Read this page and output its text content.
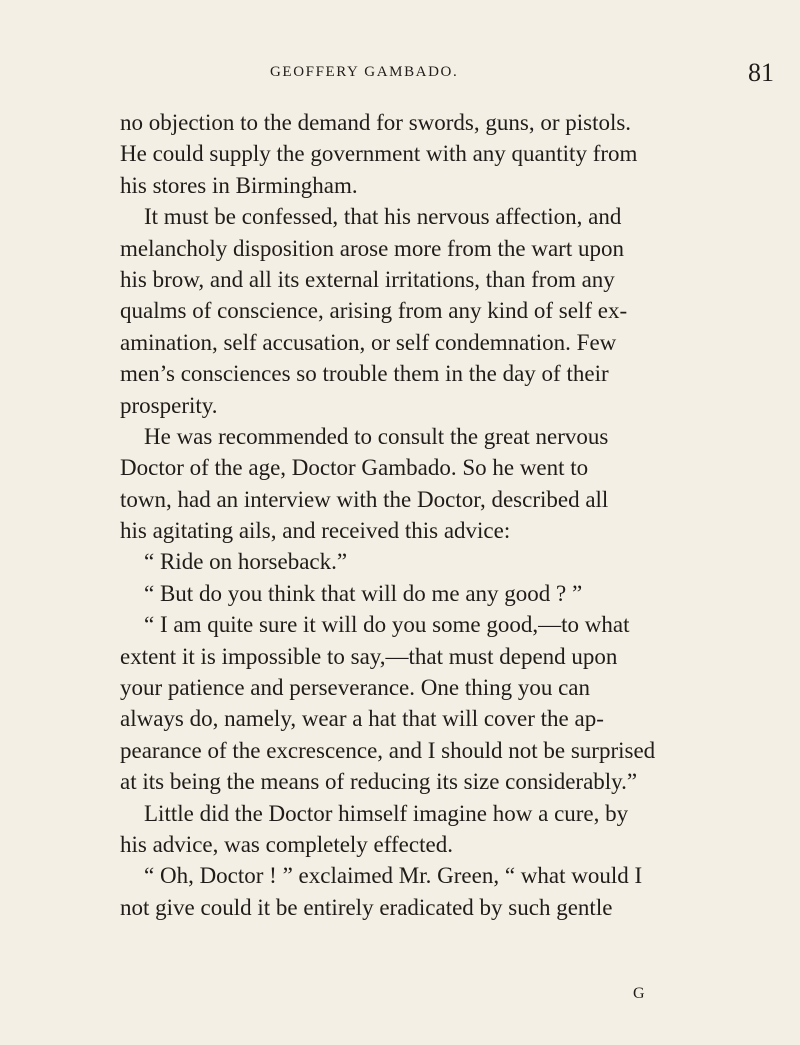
GEOFFERY GAMBADO.	81
no objection to the demand for swords, guns, or pistols.
He could supply the government with any quantity from
his stores in Birmingham.
It must be confessed, that his nervous affection, and
melancholy disposition arose more from the wart upon
his brow, and all its external irritations, than from any
qualms of conscience, arising from any kind of self ex-
amination, self accusation, or self condemnation. Few
men’s consciences so trouble them in the day of their
prosperity.
He was recommended to consult the great nervous
Doctor of the age, Doctor Gambado. So he went to
town, had an interview with the Doctor, described all
his agitating ails, and received this advice:
“ Ride on horseback.”
“ But do you think that will do me any good ? ”
“ I am quite sure it will do you some good,—to what
extent it is impossible to say,—that must depend upon
your patience and perseverance. One thing you can
always do, namely, wear a hat that will cover the ap-
pearance of the excrescence, and I should not be surprised
at its being the means of reducing its size considerably.”
Little did the Doctor himself imagine how a cure, by
his advice, was completely effected.
“ Oh, Doctor ! ” exclaimed Mr. Green, “ what would I
not give could it be entirely eradicated by such gentle
G
